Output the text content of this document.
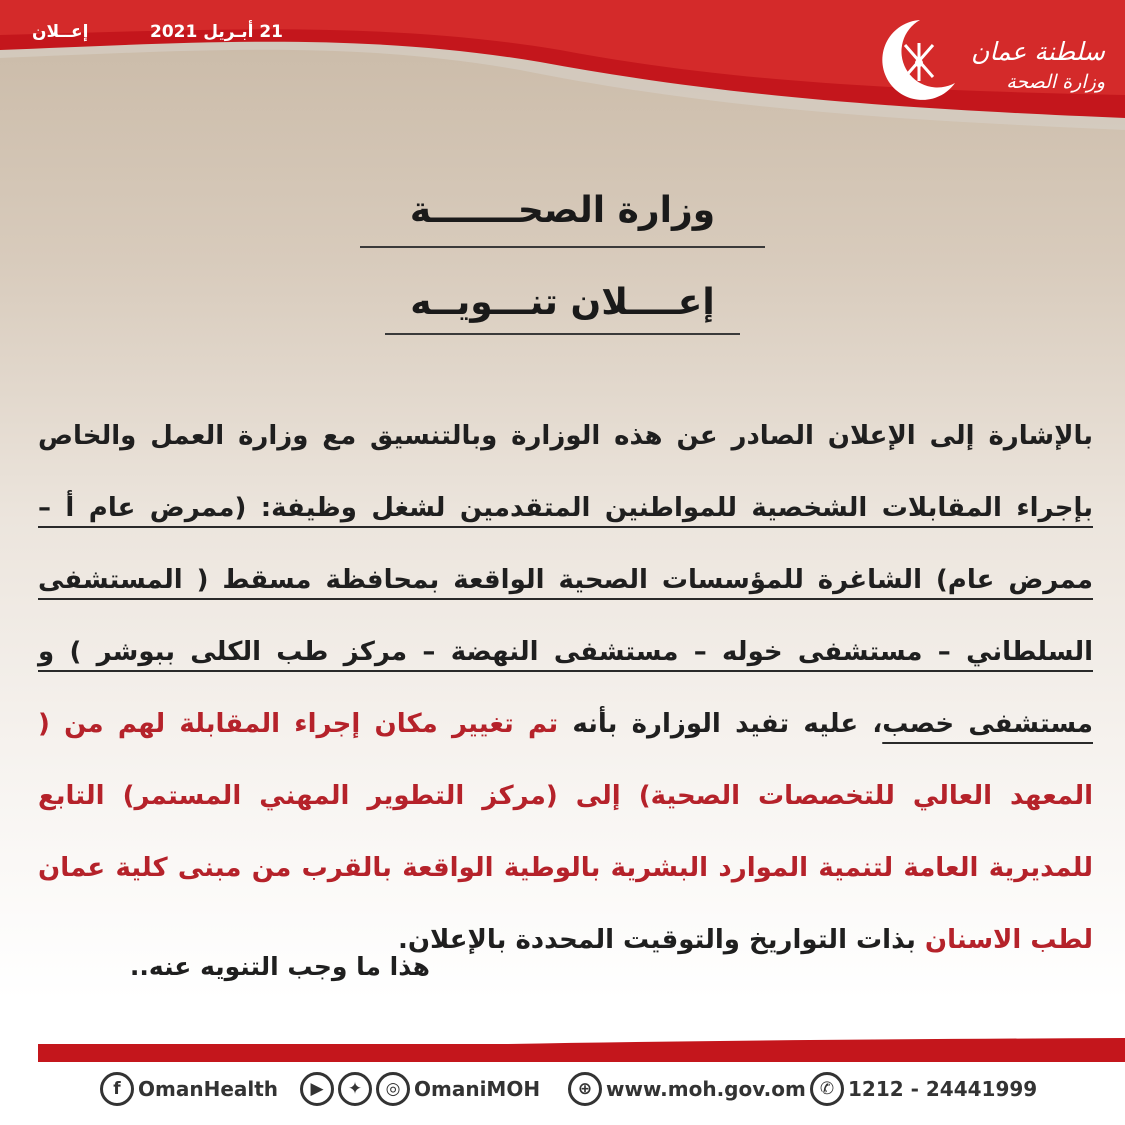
إعــلان	21 أبـريل 2021
سلطنة عمان
وزارة الصحة
وزارة الصحـــــــة
إعــــلان تنـــويــه
بالإشارة إلى الإعلان الصادر عن هذه الوزارة وبالتنسيق مع وزارة العمل والخاص بإجراء المقابلات الشخصية للمواطنين المتقدمين لشغل وظيفة: (ممرض عام أ – ممرض عام) الشاغرة للمؤسسات الصحية الواقعة بمحافظة مسقط ( المستشفى السلطاني – مستشفى خوله – مستشفى النهضة – مركز طب الكلى ببوشر ) و مستشفى خصب، عليه تفيد الوزارة بأنه تم تغيير مكان إجراء المقابلة لهم من ( المعهد العالي للتخصصات الصحية) إلى (مركز التطوير المهني المستمر) التابع للمديرية العامة لتنمية الموارد البشرية بالوطية الواقعة بالقرب من مبنى كلية عمان لطب الاسنان بذات التواريخ والتوقيت المحددة بالإعلان.
هذا ما وجب التنويه عنه..
f OmanHealth	▶	✦	◎ OmaniMOH	⊕ www.moh.gov.om ✆ 1212 - 24441999
